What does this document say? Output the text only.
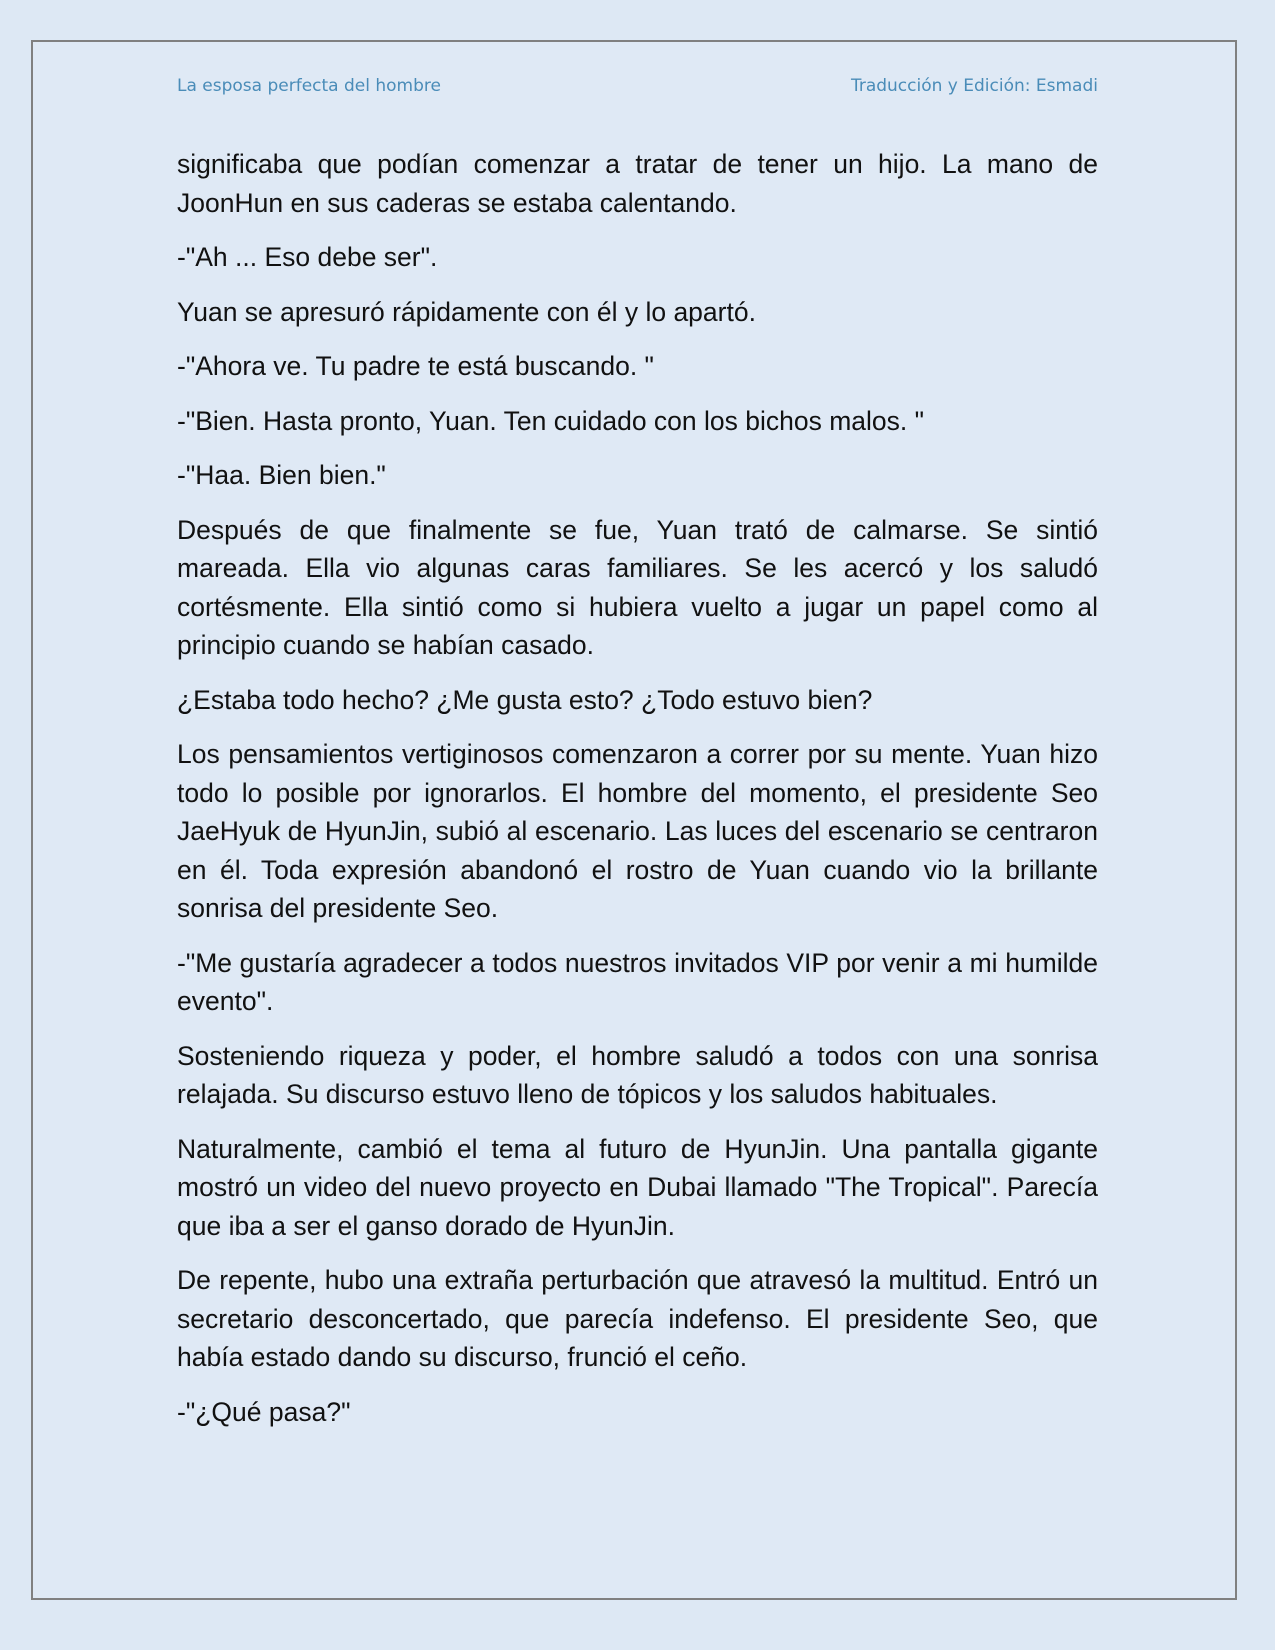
La esposa perfecta del hombre	Traducción y Edición: Esmadi

significaba que podían comenzar a tratar de tener un hijo. La mano de JoonHun en sus caderas se estaba calentando.

-"Ah ... Eso debe ser".

Yuan se apresuró rápidamente con él y lo apartó.

-"Ahora ve. Tu padre te está buscando. "

-"Bien. Hasta pronto, Yuan. Ten cuidado con los bichos malos. "

-"Haa. Bien bien."

Después de que finalmente se fue, Yuan trató de calmarse. Se sintió mareada. Ella vio algunas caras familiares. Se les acercó y los saludó cortésmente. Ella sintió como si hubiera vuelto a jugar un papel como al principio cuando se habían casado.

¿Estaba todo hecho? ¿Me gusta esto? ¿Todo estuvo bien?

Los pensamientos vertiginosos comenzaron a correr por su mente. Yuan hizo todo lo posible por ignorarlos. El hombre del momento, el presidente Seo JaeHyuk de HyunJin, subió al escenario. Las luces del escenario se centraron en él. Toda expresión abandonó el rostro de Yuan cuando vio la brillante sonrisa del presidente Seo.

-"Me gustaría agradecer a todos nuestros invitados VIP por venir a mi humilde evento".

Sosteniendo riqueza y poder, el hombre saludó a todos con una sonrisa relajada. Su discurso estuvo lleno de tópicos y los saludos habituales.

Naturalmente, cambió el tema al futuro de HyunJin. Una pantalla gigante mostró un video del nuevo proyecto en Dubai llamado "The Tropical". Parecía que iba a ser el ganso dorado de HyunJin.

De repente, hubo una extraña perturbación que atravesó la multitud. Entró un secretario desconcertado, que parecía indefenso. El presidente Seo, que había estado dando su discurso, frunció el ceño.

-"¿Qué pasa?"
